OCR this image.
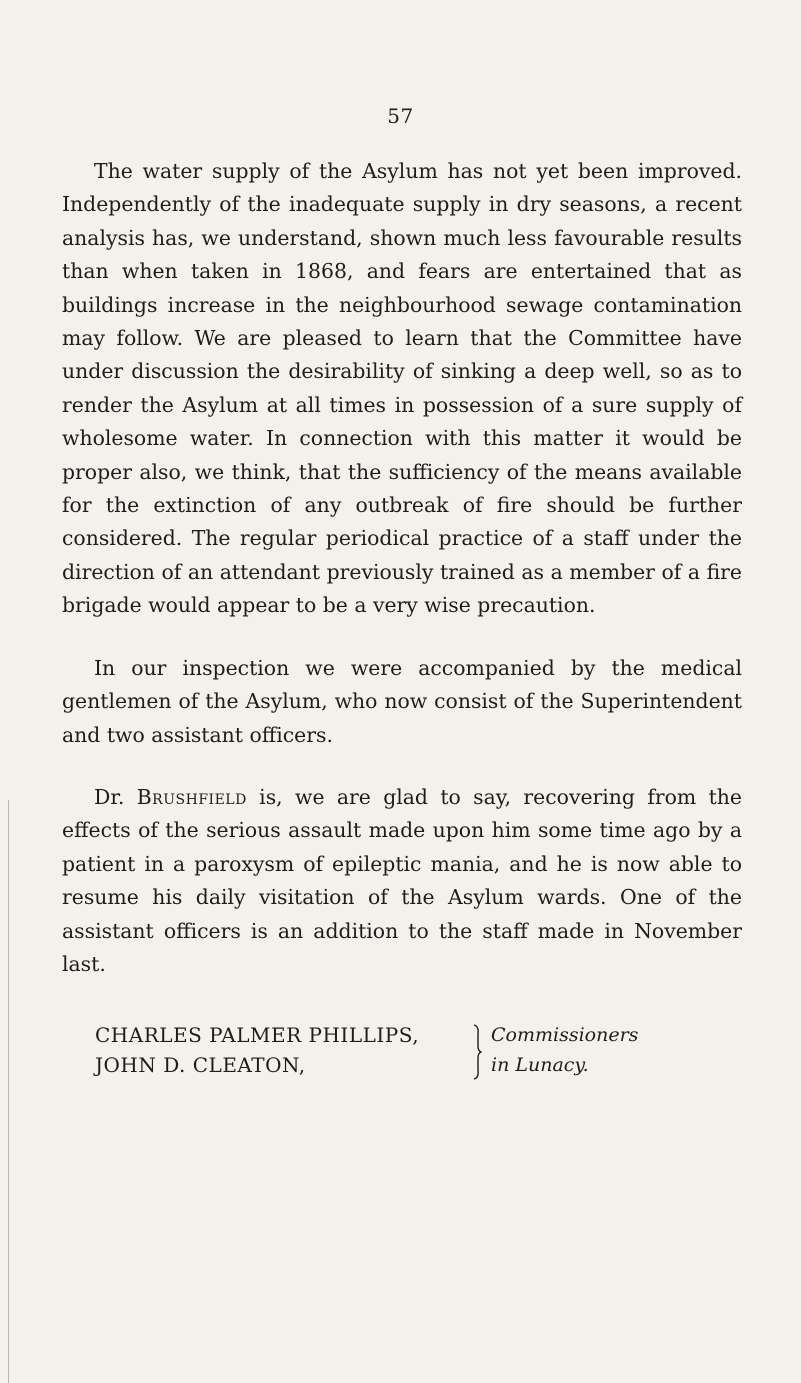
57

The water supply of the Asylum has not yet been improved. Independently of the inadequate supply in dry seasons, a recent analysis has, we understand, shown much less favourable results than when taken in 1868, and fears are entertained that as buildings increase in the neighbourhood sewage contamination may follow. We are pleased to learn that the Committee have under discussion the desirability of sinking a deep well, so as to render the Asylum at all times in possession of a sure supply of wholesome water. In connection with this matter it would be proper also, we think, that the sufficiency of the means available for the extinction of any outbreak of fire should be further considered. The regular periodical practice of a staff under the direction of an attendant previously trained as a member of a fire brigade would appear to be a very wise precaution.

In our inspection we were accompanied by the medical gentlemen of the Asylum, who now consist of the Superintendent and two assistant officers.

Dr. Brushfield is, we are glad to say, recovering from the effects of the serious assault made upon him some time ago by a patient in a paroxysm of epileptic mania, and he is now able to resume his daily visitation of the Asylum wards. One of the assistant officers is an addition to the staff made in November last.

CHARLES PALMER PHILLIPS,
JOHN D. CLEATON,
Commissioners
in Lunacy.
